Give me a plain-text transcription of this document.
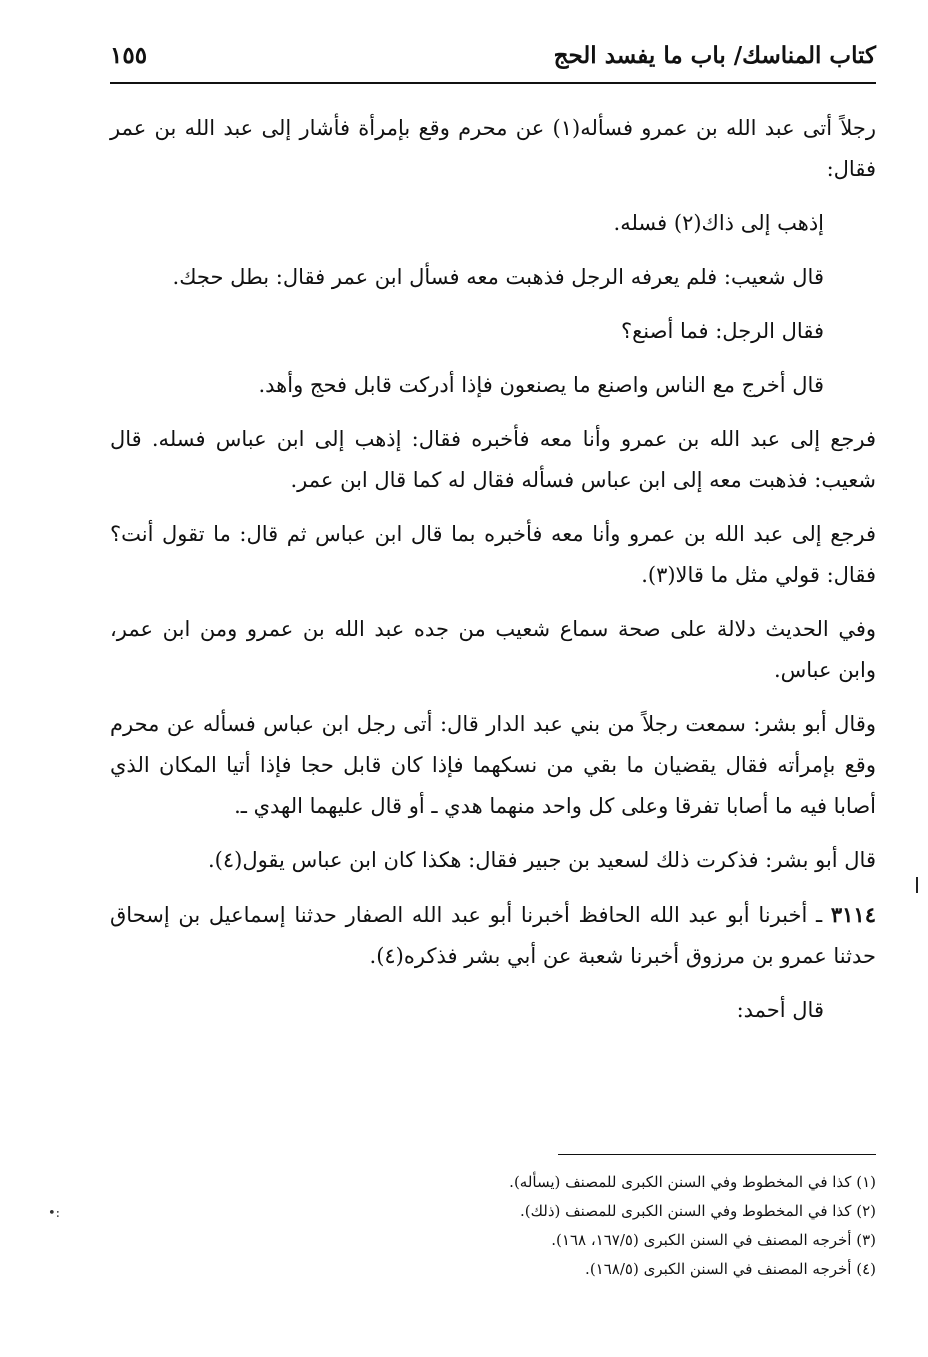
كتاب المناسك/ باب ما يفسد الحج
١٥٥

رجلاً أتى عبد الله بن عمرو فسأله(١) عن محرم وقع بإمرأة فأشار إلى عبد الله بن عمر فقال:

إذهب إلى ذاك(٢) فسله.

قال شعيب: فلم يعرفه الرجل فذهبت معه فسأل ابن عمر فقال: بطل حجك.

فقال الرجل: فما أصنع؟

قال أخرج مع الناس واصنع ما يصنعون فإذا أدركت قابل فحج وأهد.

فرجع إلى عبد الله بن عمرو وأنا معه فأخبره فقال: إذهب إلى ابن عباس فسله. قال شعيب: فذهبت معه إلى ابن عباس فسأله فقال له كما قال ابن عمر.

فرجع إلى عبد الله بن عمرو وأنا معه فأخبره بما قال ابن عباس ثم قال: ما تقول أنت؟ فقال: قولي مثل ما قالا(٣).

وفي الحديث دلالة على صحة سماع شعيب من جده عبد الله بن عمرو ومن ابن عمر، وابن عباس.

وقال أبو بشر: سمعت رجلاً من بني عبد الدار قال: أتى رجل ابن عباس فسأله عن محرم وقع بإمرأته فقال يقضيان ما بقي من نسكهما فإذا كان قابل حجا فإذا أتيا المكان الذي أصابا فيه ما أصابا تفرقا وعلى كل واحد منهما هدي ـ أو قال عليهما الهدي ـ.

قال أبو بشر: فذكرت ذلك لسعيد بن جبير فقال: هكذا كان ابن عباس يقول(٤).

٣١١٤ ـ أخبرنا أبو عبد الله الحافظ أخبرنا أبو عبد الله الصفار حدثنا إسماعيل بن إسحاق حدثنا عمرو بن مرزوق أخبرنا شعبة عن أبي بشر فذكره(٤).

قال أحمد:

(١) كذا في المخطوط وفي السنن الكبرى للمصنف (يسأله).

(٢) كذا في المخطوط وفي السنن الكبرى للمصنف (ذلك).

(٣) أخرجه المصنف في السنن الكبرى (١٦٧/٥، ١٦٨).

(٤) أخرجه المصنف في السنن الكبرى (١٦٨/٥).

•:
